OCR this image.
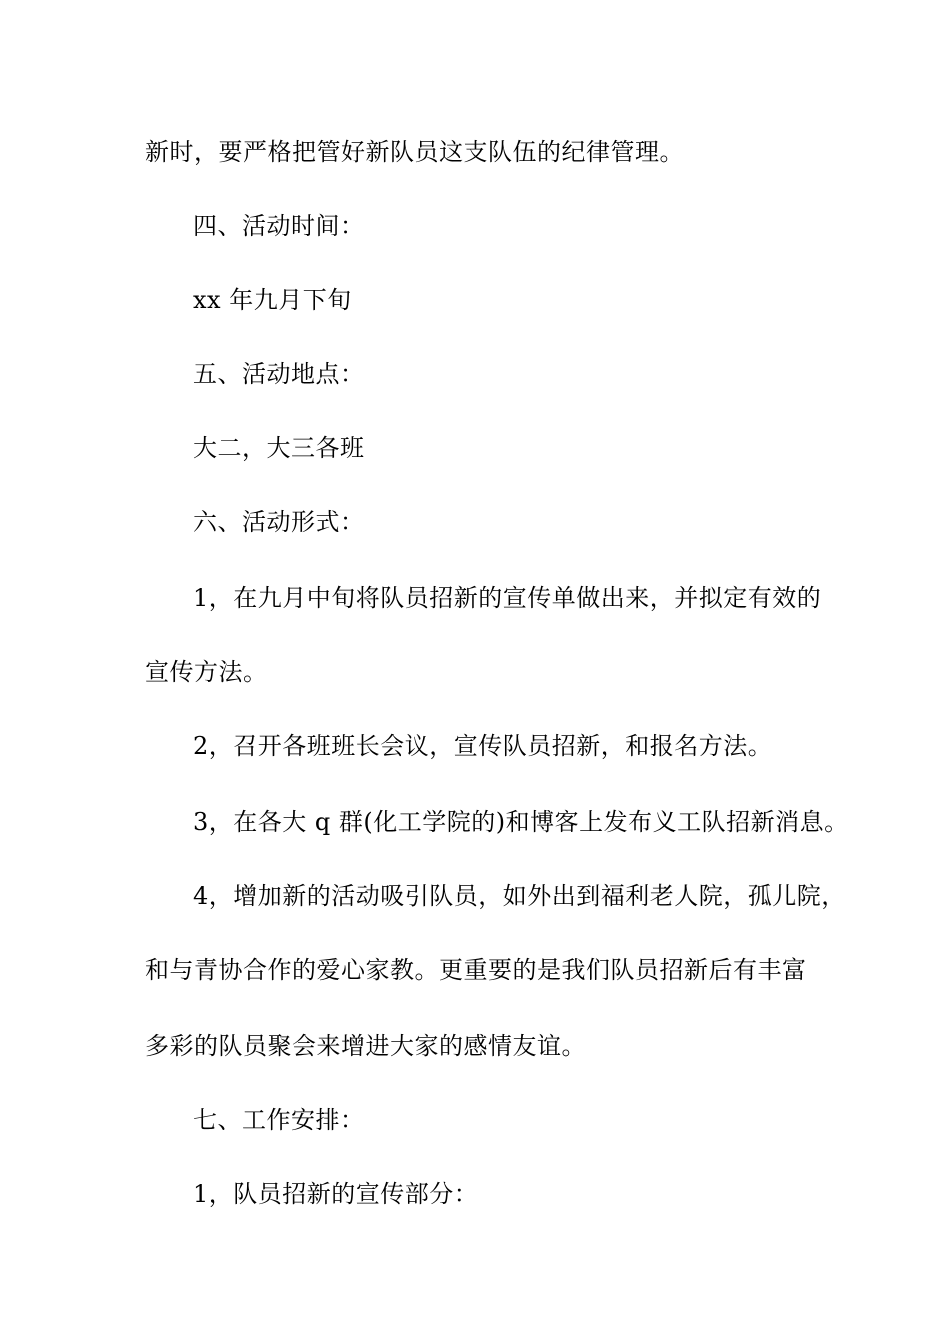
新时，要严格把管好新队员这支队伍的纪律管理。
四、活动时间：
xx 年九月下旬
五、活动地点：
大二，大三各班
六、活动形式：
1，在九月中旬将队员招新的宣传单做出来，并拟定有效的
宣传方法。
2，召开各班班长会议，宣传队员招新，和报名方法。
3，在各大 q 群(化工学院的)和博客上发布义工队招新消息。
4，增加新的活动吸引队员，如外出到福利老人院，孤儿院，
和与青协合作的爱心家教。更重要的是我们队员招新后有丰富
多彩的队员聚会来增进大家的感情友谊。
七、工作安排：
1，队员招新的宣传部分：
